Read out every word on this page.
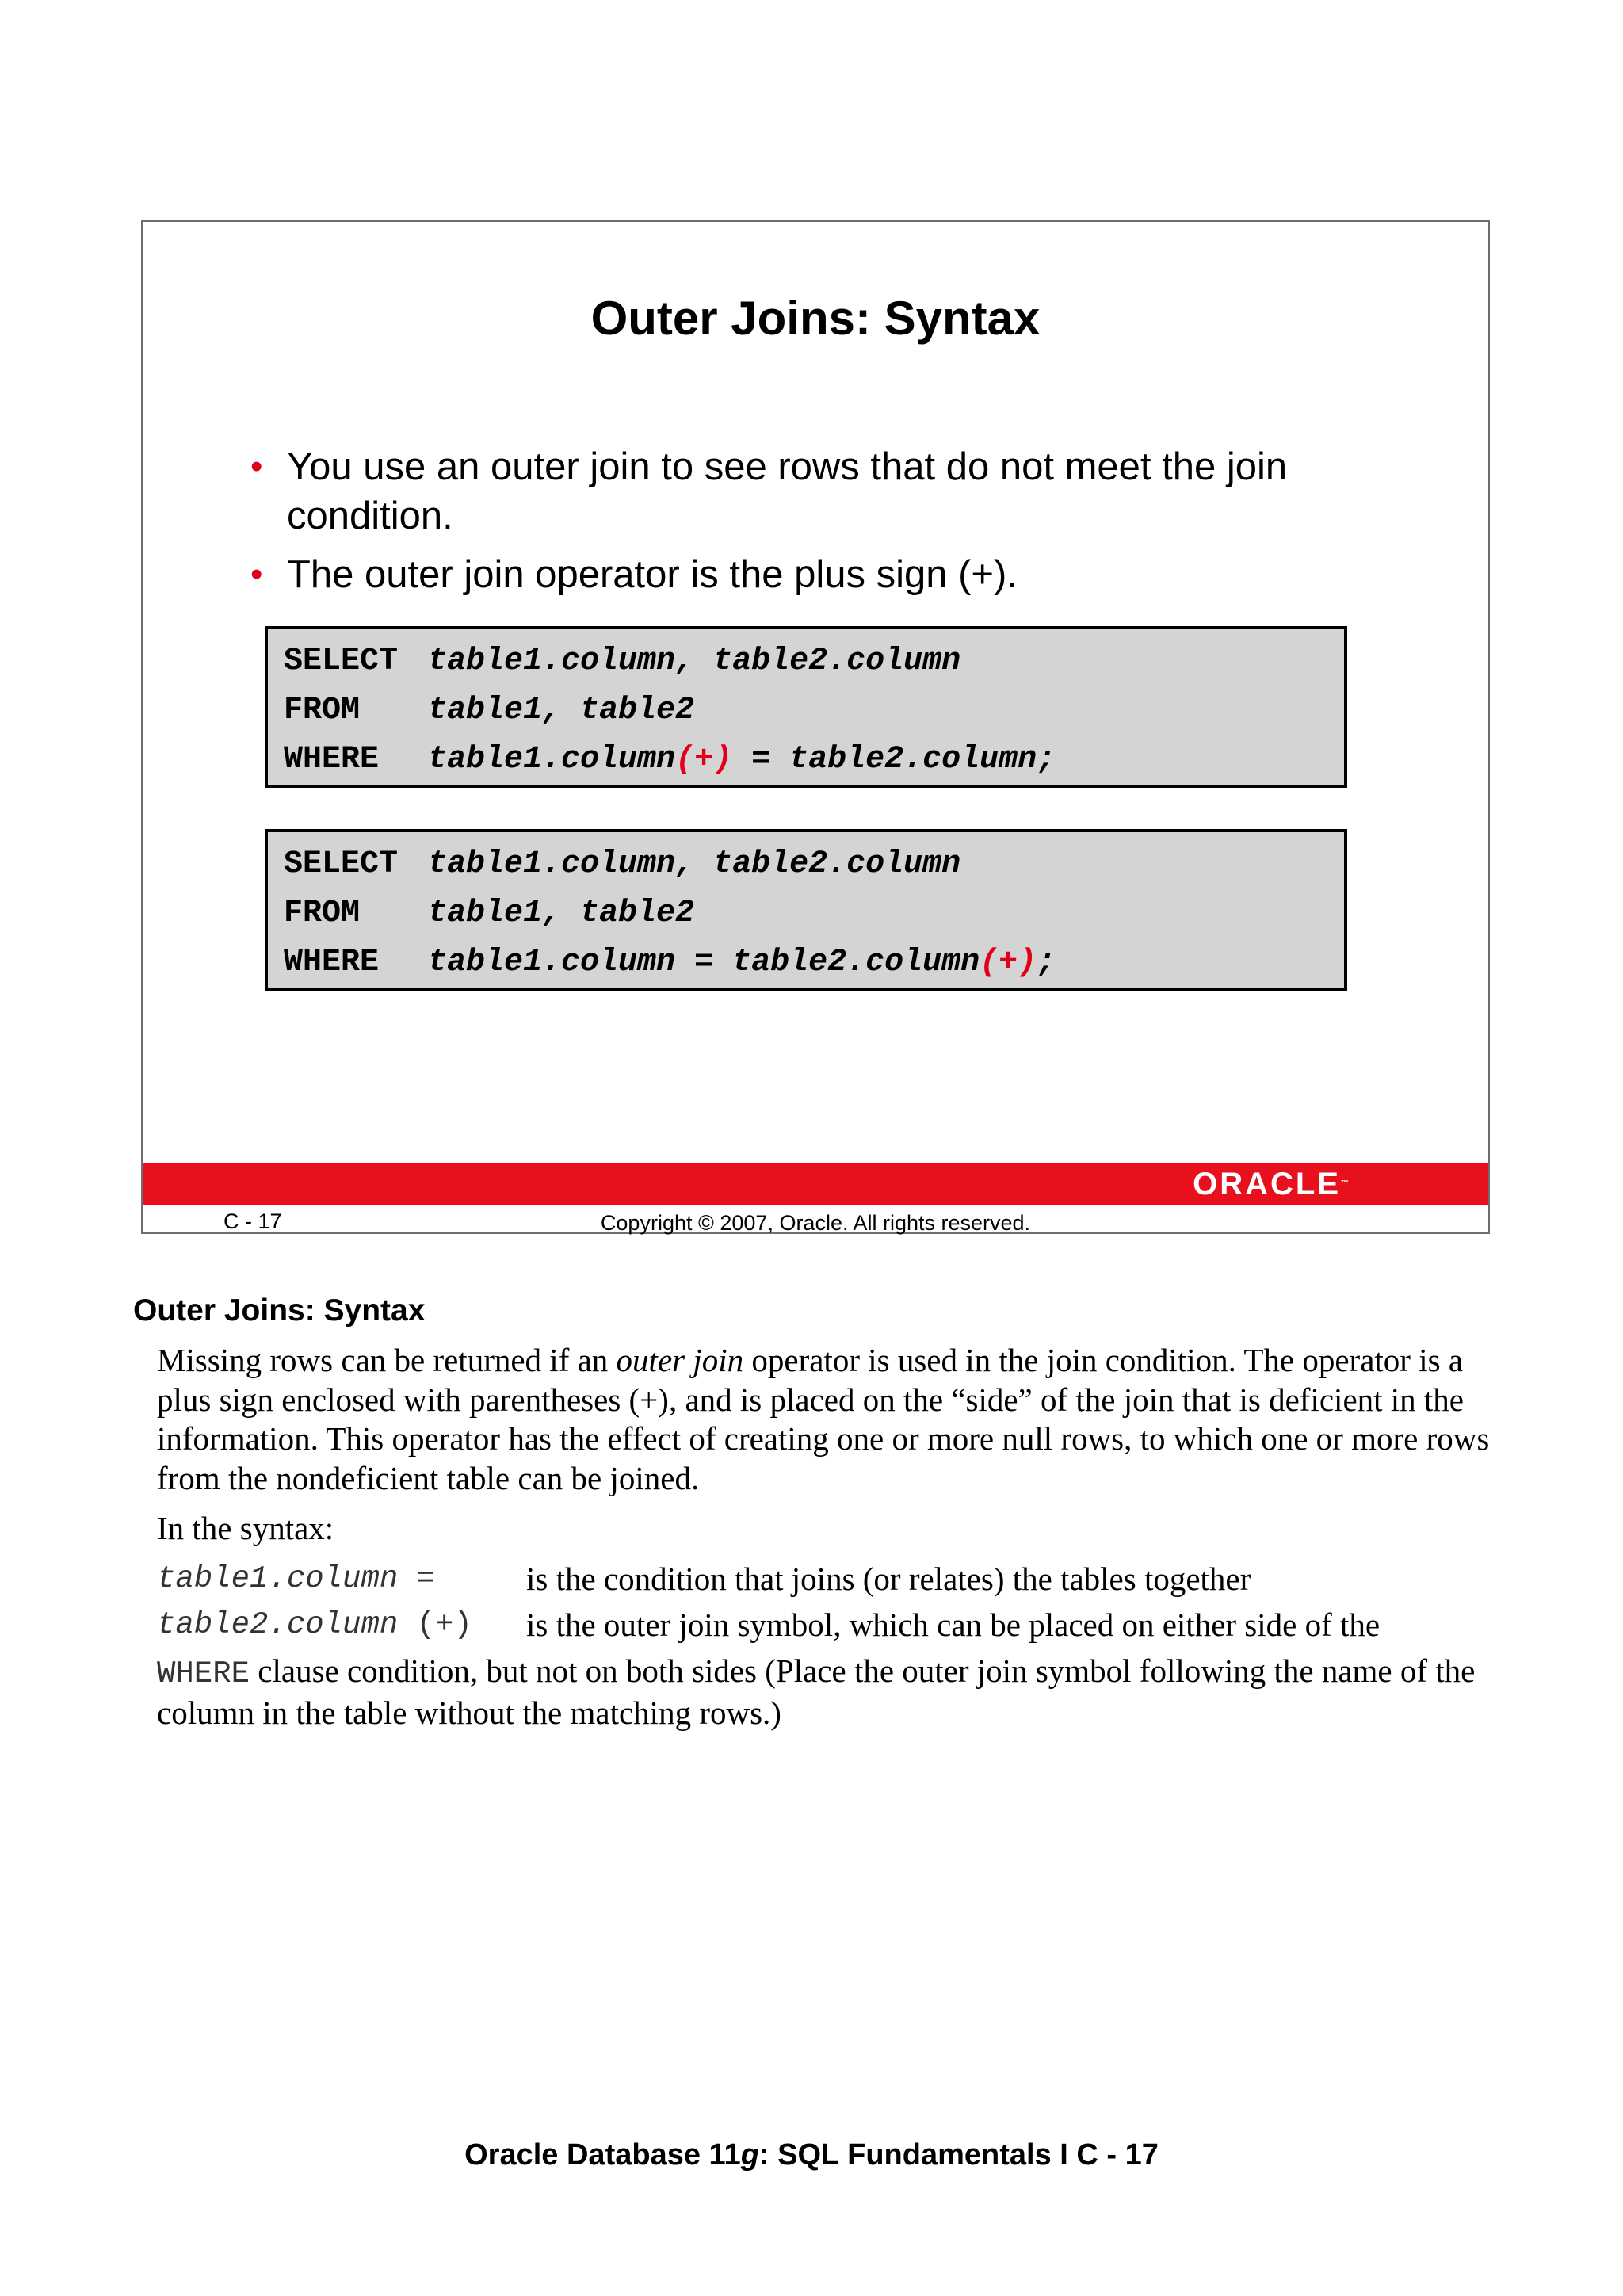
Outer Joins: Syntax
• You use an outer join to see rows that do not meet the join condition.
• The outer join operator is the plus sign (+).
SELECT table1.column, table2.column
FROM table1, table2
WHERE table1.column(+) = table2.column;
SELECT table1.column, table2.column
FROM table1, table2
WHERE table1.column = table2.column(+);
ORACLE™
C - 17	Copyright © 2007, Oracle. All rights reserved.
Outer Joins: Syntax

Missing rows can be returned if an outer join operator is used in the join condition. The operator is a plus sign enclosed with parentheses (+), and is placed on the “side” of the join that is deficient in the information. This operator has the effect of creating one or more null rows, to which one or more rows from the nondeficient table can be joined.

In the syntax:

table1.column =	is the condition that joins (or relates) the tables together
table2.column (+) is the outer join symbol, which can be placed on either side of the

WHERE clause condition, but not on both sides (Place the outer join symbol following the name of the column in the table without the matching rows.)

Oracle Database 11g: SQL Fundamentals I C - 17
